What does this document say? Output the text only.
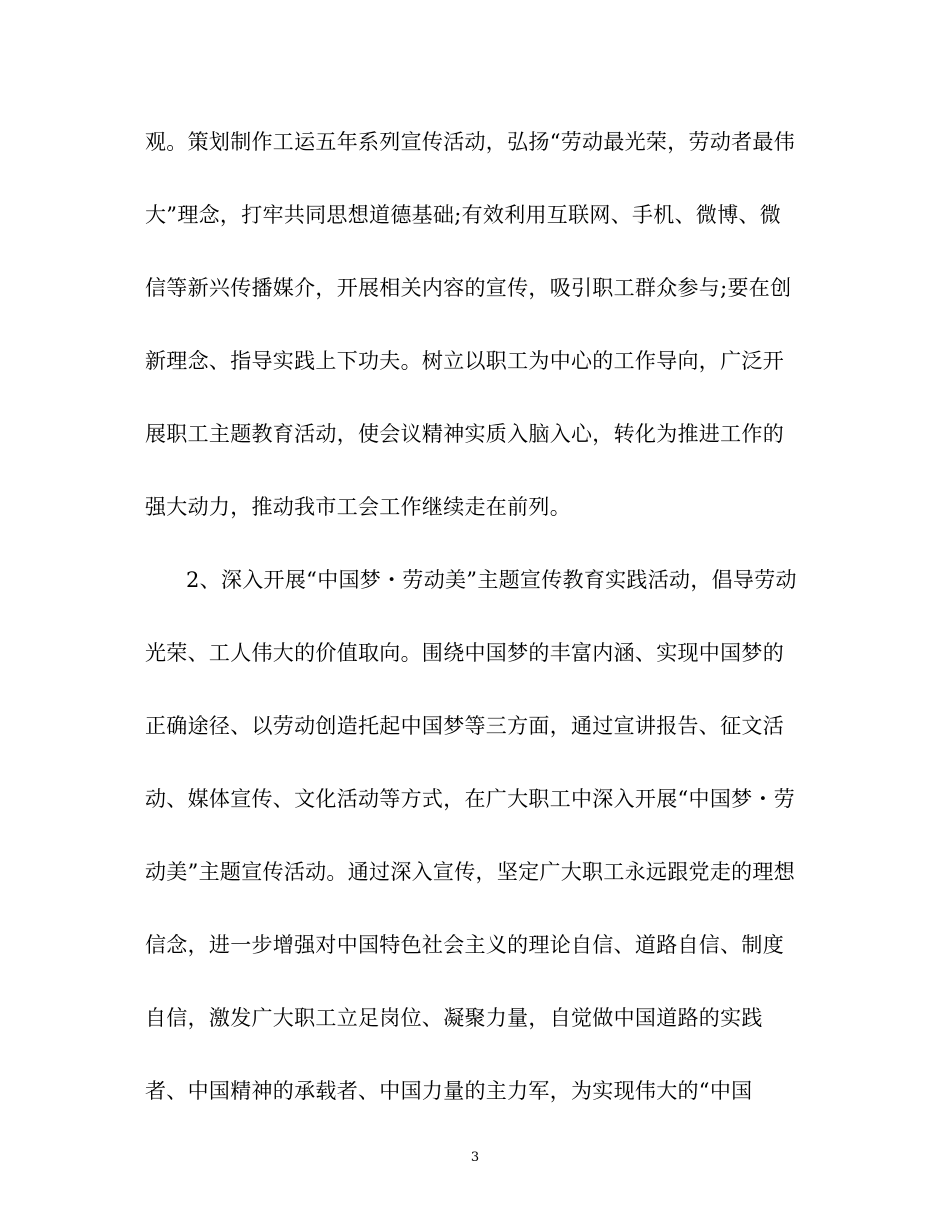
观。策划制作工运五年系列宣传活动，弘扬“劳动最光荣，劳动者最伟
大”理念，打牢共同思想道德基础;有效利用互联网、手机、微博、微
信等新兴传播媒介，开展相关内容的宣传，吸引职工群众参与;要在创
新理念、指导实践上下功夫。树立以职工为中心的工作导向，广泛开
展职工主题教育活动，使会议精神实质入脑入心，转化为推进工作的
强大动力，推动我市工会工作继续走在前列。
2、深入开展“中国梦・劳动美”主题宣传教育实践活动，倡导劳动
光荣、工人伟大的价值取向。围绕中国梦的丰富内涵、实现中国梦的
正确途径、以劳动创造托起中国梦等三方面，通过宣讲报告、征文活
动、媒体宣传、文化活动等方式，在广大职工中深入开展“中国梦・劳
动美”主题宣传活动。通过深入宣传，坚定广大职工永远跟党走的理想
信念，进一步增强对中国特色社会主义的理论自信、道路自信、制度
自信，激发广大职工立足岗位、凝聚力量，自觉做中国道路的实践
者、中国精神的承载者、中国力量的主力军，为实现伟大的“中国
3
